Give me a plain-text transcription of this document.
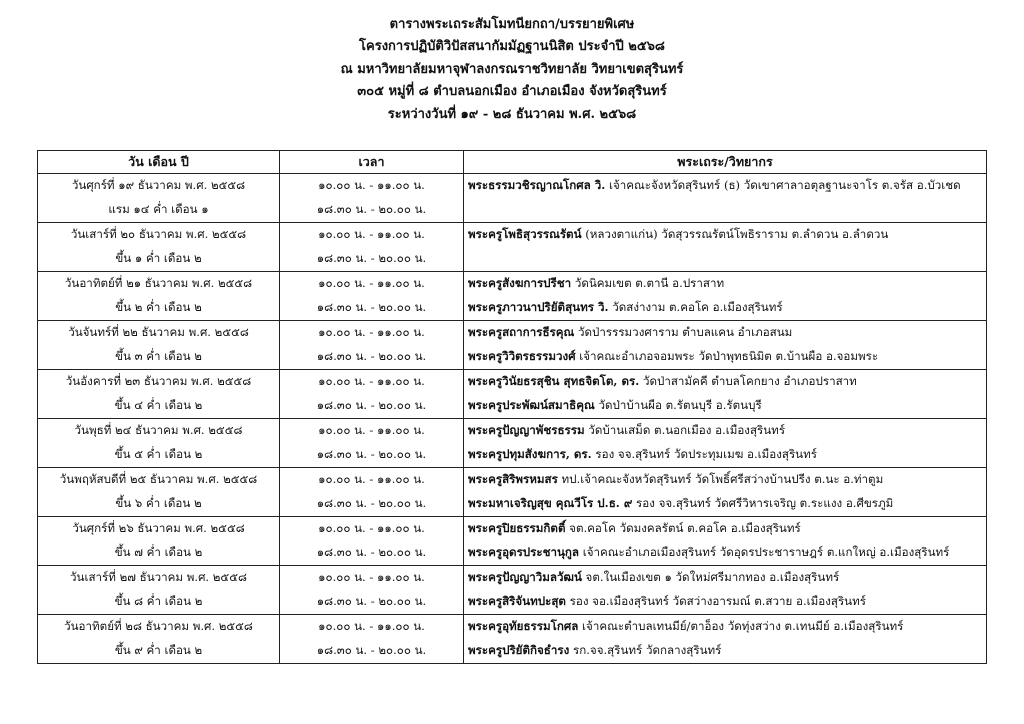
ตารางพระเถระสัมโมทนียกถา/บรรยายพิเศษ
โครงการปฏิบัติวิปัสสนากัมมัฏฐานนิสิต ประจำปี ๒๕๖๘
ณ มหาวิทยาลัยมหาจุฬาลงกรณราชวิทยาลัย วิทยาเขตสุรินทร์
๓๐๕ หมู่ที่ ๘ ตำบลนอกเมือง อำเภอเมือง จังหวัดสุรินทร์
ระหว่างวันที่ ๑๙ - ๒๘ ธันวาคม พ.ศ. ๒๕๖๘
วัน เดือน ปี	เวลา	พระเถระ/วิทยากร
วันศุกร์ที่ ๑๙ ธันวาคม พ.ศ. ๒๕๕๘	๑๐.๐๐ น. - ๑๑.๐๐ น.	พระธรรมวชิรญาณโกศล วิ. เจ้าคณะจังหวัดสุรินทร์ (ธ) วัดเขาศาลาอตุลฐานะจาโร ต.จรัส อ.บัวเชด
แรม ๑๔ ค่ำ เดือน ๑	๑๘.๓๐ น. - ๒๐.๐๐ น.	
วันเสาร์ที่ ๒๐ ธันวาคม พ.ศ. ๒๕๕๘	๑๐.๐๐ น. - ๑๑.๐๐ น.	พระครูโพธิสุวรรณรัตน์ (หลวงตาแก่น) วัดสุวรรณรัตน์โพธิราราม ต.ลำดวน อ.ลำดวน
ขึ้น ๑ ค่ำ เดือน ๒	๑๘.๓๐ น. - ๒๐.๐๐ น.	
วันอาทิตย์ที่ ๒๑ ธันวาคม พ.ศ. ๒๕๕๘	๑๐.๐๐ น. - ๑๑.๐๐ น.	พระครูสังฆการปรีชา วัดนิคมเขต ต.ตานี อ.ปราสาท
ขึ้น ๒ ค่ำ เดือน ๒	๑๘.๓๐ น. - ๒๐.๐๐ น.	พระครูภาวนาปริยัติสุนทร วิ. วัดสง่างาม ต.คอโค อ.เมืองสุรินทร์
วันจันทร์ที่ ๒๒ ธันวาคม พ.ศ. ๒๕๕๘	๑๐.๐๐ น. - ๑๑.๐๐ น.	พระครูสถาการธีรคุณ วัดป่ารรรมวงศาราม ตำบลแคน อำเภอสนม
ขึ้น ๓ ค่ำ เดือน ๒	๑๘.๓๐ น. - ๒๐.๐๐ น.	พระครูวิวิตรธรรมวงศ์ เจ้าคณะอำเภอจอมพระ วัดป่าพุทธนิมิต ต.บ้านผือ อ.จอมพระ
วันอังคารที่ ๒๓ ธันวาคม พ.ศ. ๒๕๕๘	๑๐.๐๐ น. - ๑๑.๐๐ น.	พระครูวินัยธรสุชิน สุทธจิตโต, ดร. วัดป่าสามัคคี ตำบลโคกยาง อำเภอปราสาท
ขึ้น ๔ ค่ำ เดือน ๒	๑๘.๓๐ น. - ๒๐.๐๐ น.	พระครูประพัฒน์สมาธิคุณ วัดป่าบ้านผือ ต.รัตนบุรี อ.รัตนบุรี
วันพุธที่ ๒๔ ธันวาคม พ.ศ. ๒๕๕๘	๑๐.๐๐ น. - ๑๑.๐๐ น.	พระครูปัญญาพัชรธรรม วัดบ้านเสม็ด ต.นอกเมือง อ.เมืองสุรินทร์
ขึ้น ๕ ค่ำ เดือน ๒	๑๘.๓๐ น. - ๒๐.๐๐ น.	พระครูปทุมสังฆการ, ดร. รอง จจ.สุรินทร์ วัดประทุมเมฆ อ.เมืองสุรินทร์
วันพฤหัสบดีที่ ๒๕ ธันวาคม พ.ศ. ๒๕๕๘	๑๐.๐๐ น. - ๑๑.๐๐ น.	พระครูสิริพรหมสร ทป.เจ้าคณะจังหวัดสุรินทร์ วัดโพธิ์ศรีสว่างบ้านปรีง ต.นะ อ.ท่าตูม
ขึ้น ๖ ค่ำ เดือน ๒	๑๘.๓๐ น. - ๒๐.๐๐ น.	พระมหาเจริญสุข คุณวีโร ป.ธ. ๙ รอง จจ.สุรินทร์ วัดศรีวิหารเจริญ ต.ระแงง อ.ศีขรภูมิ
วันศุกร์ที่ ๒๖ ธันวาคม พ.ศ. ๒๕๕๘	๑๐.๐๐ น. - ๑๑.๐๐ น.	พระครูปิยธรรมกิตติ์ จต.คอโค วัดมงคลรัตน์ ต.คอโค อ.เมืองสุรินทร์
ขึ้น ๗ ค่ำ เดือน ๒	๑๘.๓๐ น. - ๒๐.๐๐ น.	พระครูอุดรประชานุกูล เจ้าคณะอำเภอเมืองสุรินทร์ วัดอุดรประชาราษฎร์ ต.แกใหญ่ อ.เมืองสุรินทร์
วันเสาร์ที่ ๒๗ ธันวาคม พ.ศ. ๒๕๕๘	๑๐.๐๐ น. - ๑๑.๐๐ น.	พระครูปัญญาวิมลวัฒน์ จต.ในเมืองเขต ๑ วัดใหม่ศรีมากทอง อ.เมืองสุรินทร์
ขึ้น ๘ ค่ำ เดือน ๒	๑๘.๓๐ น. - ๒๐.๐๐ น.	พระครูสิริจันทปะสุต รอง จอ.เมืองสุรินทร์ วัดสว่างอารมณ์ ต.สวาย อ.เมืองสุรินทร์
วันอาทิตย์ที่ ๒๘ ธันวาคม พ.ศ. ๒๕๕๘	๑๐.๐๐ น. - ๑๑.๐๐ น.	พระครูอุทัยธรรมโกศล เจ้าคณะตำบลเทนมีย์/ตาอ็อง วัดทุ่งสว่าง ต.เทนมีย์ อ.เมืองสุรินทร์
ขึ้น ๙ ค่ำ เดือน ๒	๑๘.๓๐ น. - ๒๐.๐๐ น.	พระครูปริยัติกิจธำรง รก.จจ.สุรินทร์ วัดกลางสุรินทร์
